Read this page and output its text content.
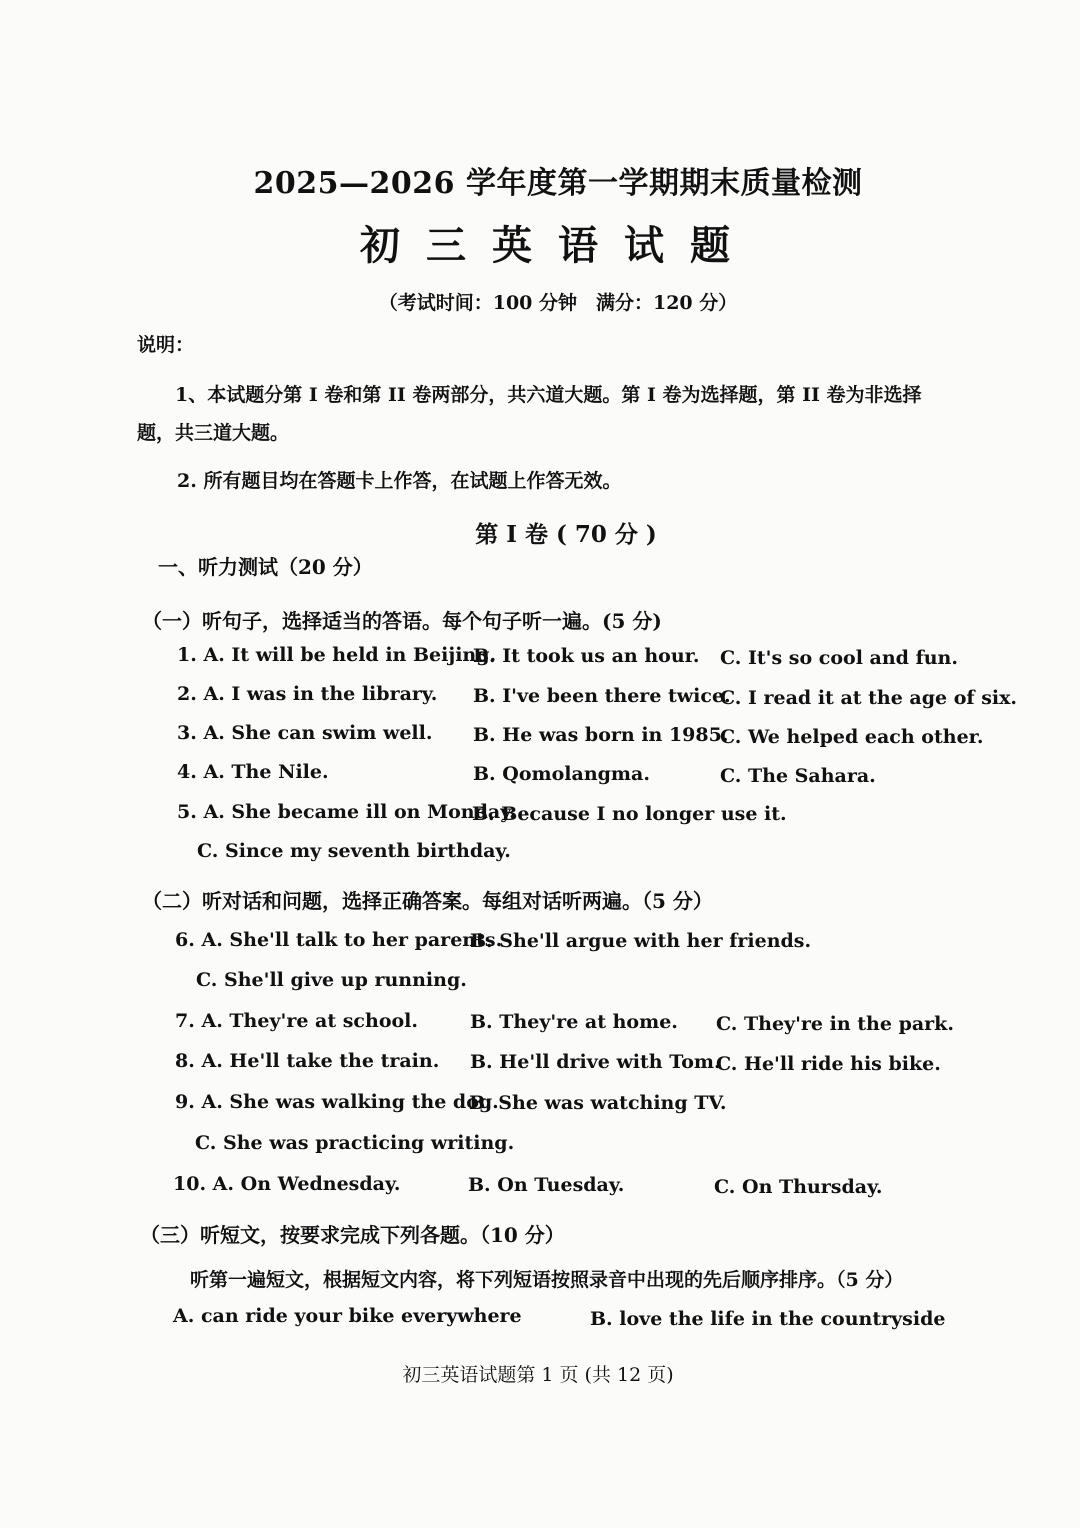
2025—2026 学年度第一学期期末质量检测
初三英语试题
（考试时间：100 分钟　满分：120 分）
说明：
1、本试题分第 I 卷和第 II 卷两部分，共六道大题。第 I 卷为选择题，第 II 卷为非选择
题，共三道大题。
2. 所有题目均在答题卡上作答，在试题上作答无效。
第 I 卷 ( 70 分 )
一、听力测试（20 分）
（一）听句子，选择适当的答语。每个句子听一遍。(5 分)
1. A. It will be held in Beijing.
B. It took us an hour. C. It's so cool and fun.
2. A. I was in the library. B. I've been there twice.
C. I read it at the age of six.
3. A. She can swim well. B. He was born in 1985.
C. We helped each other.
4. A. The Nile.	B. Qomolangma.	C. The Sahara.
5. A. She became ill on Monday.
B. Because I no longer use it.
C. Since my seventh birthday.
（二）听对话和问题，选择正确答案。每组对话听两遍。（5 分）
6. A. She'll talk to her parents.
B. She'll argue with her friends.
C. She'll give up running.
7. A. They're at school.	B. They're at home. C. They're in the park.
8. A. He'll take the train. B. He'll drive with Tom.
C. He'll ride his bike.
9. A. She was walking the dog.
B. She was watching TV.
C. She was practicing writing.
10. A. On Wednesday.	B. On Tuesday.	C. On Thursday.
（三）听短文，按要求完成下列各题。（10 分）
听第一遍短文，根据短文内容，将下列短语按照录音中出现的先后顺序排序。（5 分）
A. can ride your bike everywhere	B. love the life in the countryside
初三英语试题第 1 页 (共 12 页)
